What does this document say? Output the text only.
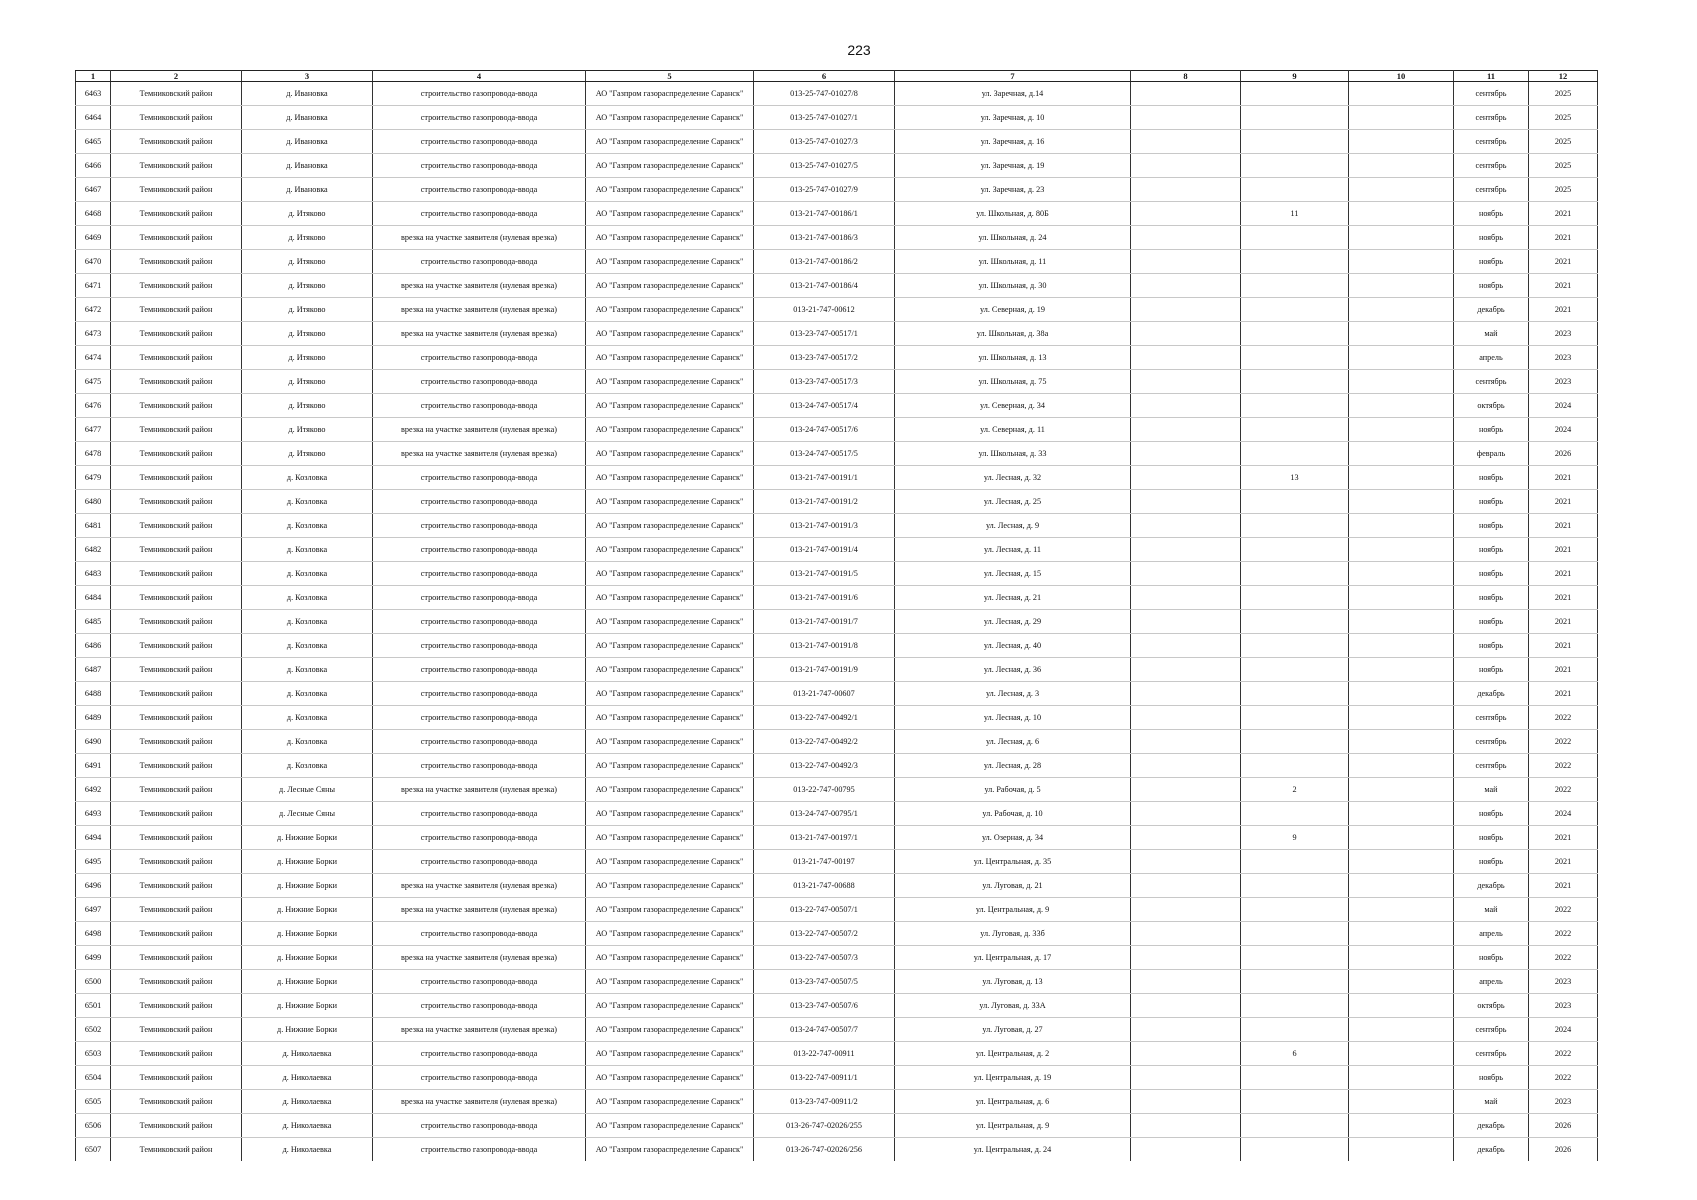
223
1	2	3	4	5	6	7	8	9	10	11	12
6463	Темниковский район	д. Ивановка	строительство газопровода-ввода	АО "Газпром газораспределение Саранск"	013-25-747-01027/8	ул. Заречная, д.14				сентябрь	2025
6464	Темниковский район	д. Ивановка	строительство газопровода-ввода	АО "Газпром газораспределение Саранск"	013-25-747-01027/1	ул. Заречная, д. 10				сентябрь	2025
6465	Темниковский район	д. Ивановка	строительство газопровода-ввода	АО "Газпром газораспределение Саранск"	013-25-747-01027/3	ул. Заречная, д. 16				сентябрь	2025
6466	Темниковский район	д. Ивановка	строительство газопровода-ввода	АО "Газпром газораспределение Саранск"	013-25-747-01027/5	ул. Заречная, д. 19				сентябрь	2025
6467	Темниковский район	д. Ивановка	строительство газопровода-ввода	АО "Газпром газораспределение Саранск"	013-25-747-01027/9	ул. Заречная, д. 23				сентябрь	2025
6468	Темниковский район	д. Итяково	строительство газопровода-ввода	АО "Газпром газораспределение Саранск"	013-21-747-00186/1	ул. Школьная, д. 80Б		11		ноябрь	2021
6469	Темниковский район	д. Итяково	врезка на участке заявителя (нулевая врезка)	АО "Газпром газораспределение Саранск"	013-21-747-00186/3	ул. Школьная, д. 24				ноябрь	2021
6470	Темниковский район	д. Итяково	строительство газопровода-ввода	АО "Газпром газораспределение Саранск"	013-21-747-00186/2	ул. Школьная, д. 11				ноябрь	2021
6471	Темниковский район	д. Итяково	врезка на участке заявителя (нулевая врезка)	АО "Газпром газораспределение Саранск"	013-21-747-00186/4	ул. Школьная, д. 30				ноябрь	2021
6472	Темниковский район	д. Итяково	врезка на участке заявителя (нулевая врезка)	АО "Газпром газораспределение Саранск"	013-21-747-00612	ул. Северная, д. 19				декабрь	2021
6473	Темниковский район	д. Итяково	врезка на участке заявителя (нулевая врезка)	АО "Газпром газораспределение Саранск"	013-23-747-00517/1	ул. Школьная, д. 38а				май	2023
6474	Темниковский район	д. Итяково	строительство газопровода-ввода	АО "Газпром газораспределение Саранск"	013-23-747-00517/2	ул. Школьная, д. 13				апрель	2023
6475	Темниковский район	д. Итяково	строительство газопровода-ввода	АО "Газпром газораспределение Саранск"	013-23-747-00517/3	ул. Школьная, д. 75				сентябрь	2023
6476	Темниковский район	д. Итяково	строительство газопровода-ввода	АО "Газпром газораспределение Саранск"	013-24-747-00517/4	ул. Северная, д. 34				октябрь	2024
6477	Темниковский район	д. Итяково	врезка на участке заявителя (нулевая врезка)	АО "Газпром газораспределение Саранск"	013-24-747-00517/6	ул. Северная, д. 11				ноябрь	2024
6478	Темниковский район	д. Итяково	врезка на участке заявителя (нулевая врезка)	АО "Газпром газораспределение Саранск"	013-24-747-00517/5	ул. Школьная, д. 33				февраль	2026
6479	Темниковский район	д. Козловка	строительство газопровода-ввода	АО "Газпром газораспределение Саранск"	013-21-747-00191/1	ул. Лесная, д. 32		13		ноябрь	2021
6480	Темниковский район	д. Козловка	строительство газопровода-ввода	АО "Газпром газораспределение Саранск"	013-21-747-00191/2	ул. Лесная, д. 25				ноябрь	2021
6481	Темниковский район	д. Козловка	строительство газопровода-ввода	АО "Газпром газораспределение Саранск"	013-21-747-00191/3	ул. Лесная, д. 9				ноябрь	2021
6482	Темниковский район	д. Козловка	строительство газопровода-ввода	АО "Газпром газораспределение Саранск"	013-21-747-00191/4	ул. Лесная, д. 11				ноябрь	2021
6483	Темниковский район	д. Козловка	строительство газопровода-ввода	АО "Газпром газораспределение Саранск"	013-21-747-00191/5	ул. Лесная, д. 15				ноябрь	2021
6484	Темниковский район	д. Козловка	строительство газопровода-ввода	АО "Газпром газораспределение Саранск"	013-21-747-00191/6	ул. Лесная, д. 21				ноябрь	2021
6485	Темниковский район	д. Козловка	строительство газопровода-ввода	АО "Газпром газораспределение Саранск"	013-21-747-00191/7	ул. Лесная, д. 29				ноябрь	2021
6486	Темниковский район	д. Козловка	строительство газопровода-ввода	АО "Газпром газораспределение Саранск"	013-21-747-00191/8	ул. Лесная, д. 40				ноябрь	2021
6487	Темниковский район	д. Козловка	строительство газопровода-ввода	АО "Газпром газораспределение Саранск"	013-21-747-00191/9	ул. Лесная, д. 36				ноябрь	2021
6488	Темниковский район	д. Козловка	строительство газопровода-ввода	АО "Газпром газораспределение Саранск"	013-21-747-00607	ул. Лесная, д. 3				декабрь	2021
6489	Темниковский район	д. Козловка	строительство газопровода-ввода	АО "Газпром газораспределение Саранск"	013-22-747-00492/1	ул. Лесная, д. 10				сентябрь	2022
6490	Темниковский район	д. Козловка	строительство газопровода-ввода	АО "Газпром газораспределение Саранск"	013-22-747-00492/2	ул. Лесная, д. 6				сентябрь	2022
6491	Темниковский район	д. Козловка	строительство газопровода-ввода	АО "Газпром газораспределение Саранск"	013-22-747-00492/3	ул. Лесная, д. 28				сентябрь	2022
6492	Темниковский район	д. Лесные Cяны	врезка на участке заявителя (нулевая врезка)	АО "Газпром газораспределение Саранск"	013-22-747-00795	ул. Рабочая, д. 5		2		май	2022
6493	Темниковский район	д. Лесные Cяны	строительство газопровода-ввода	АО "Газпром газораспределение Саранск"	013-24-747-00795/1	ул. Рабочая, д. 10				ноябрь	2024
6494	Темниковский район	д. Нижние Борки	строительство газопровода-ввода	АО "Газпром газораспределение Саранск"	013-21-747-00197/1	ул. Озерная, д. 34		9		ноябрь	2021
6495	Темниковский район	д. Нижние Борки	строительство газопровода-ввода	АО "Газпром газораспределение Саранск"	013-21-747-00197	ул. Центральная, д. 35				ноябрь	2021
6496	Темниковский район	д. Нижние Борки	врезка на участке заявителя (нулевая врезка)	АО "Газпром газораспределение Саранск"	013-21-747-00688	ул. Луговая, д. 21				декабрь	2021
6497	Темниковский район	д. Нижние Борки	врезка на участке заявителя (нулевая врезка)	АО "Газпром газораспределение Саранск"	013-22-747-00507/1	ул. Центральная, д. 9				май	2022
6498	Темниковский район	д. Нижние Борки	строительство газопровода-ввода	АО "Газпром газораспределение Саранск"	013-22-747-00507/2	ул. Луговая, д. 33б				апрель	2022
6499	Темниковский район	д. Нижние Борки	врезка на участке заявителя (нулевая врезка)	АО "Газпром газораспределение Саранск"	013-22-747-00507/3	ул. Центральная, д. 17				ноябрь	2022
6500	Темниковский район	д. Нижние Борки	строительство газопровода-ввода	АО "Газпром газораспределение Саранск"	013-23-747-00507/5	ул. Луговая, д. 13				апрель	2023
6501	Темниковский район	д. Нижние Борки	строительство газопровода-ввода	АО "Газпром газораспределение Саранск"	013-23-747-00507/6	ул. Луговая, д. 33А				октябрь	2023
6502	Темниковский район	д. Нижние Борки	врезка на участке заявителя (нулевая врезка)	АО "Газпром газораспределение Саранск"	013-24-747-00507/7	ул. Луговая, д. 27				сентябрь	2024
6503	Темниковский район	д. Николаевка	строительство газопровода-ввода	АО "Газпром газораспределение Саранск"	013-22-747-00911	ул. Центральная, д. 2		6		сентябрь	2022
6504	Темниковский район	д. Николаевка	строительство газопровода-ввода	АО "Газпром газораспределение Саранск"	013-22-747-00911/1	ул. Центральная, д. 19				ноябрь	2022
6505	Темниковский район	д. Николаевка	врезка на участке заявителя (нулевая врезка)	АО "Газпром газораспределение Саранск"	013-23-747-00911/2	ул. Центральная, д. 6				май	2023
6506	Темниковский район	д. Николаевка	строительство газопровода-ввода	АО "Газпром газораспределение Саранск"	013-26-747-02026/255	ул. Центральная, д. 9				декабрь	2026
6507	Темниковский район	д. Николаевка	строительство газопровода-ввода	АО "Газпром газораспределение Саранск"	013-26-747-02026/256	ул. Центральная, д. 24				декабрь	2026
